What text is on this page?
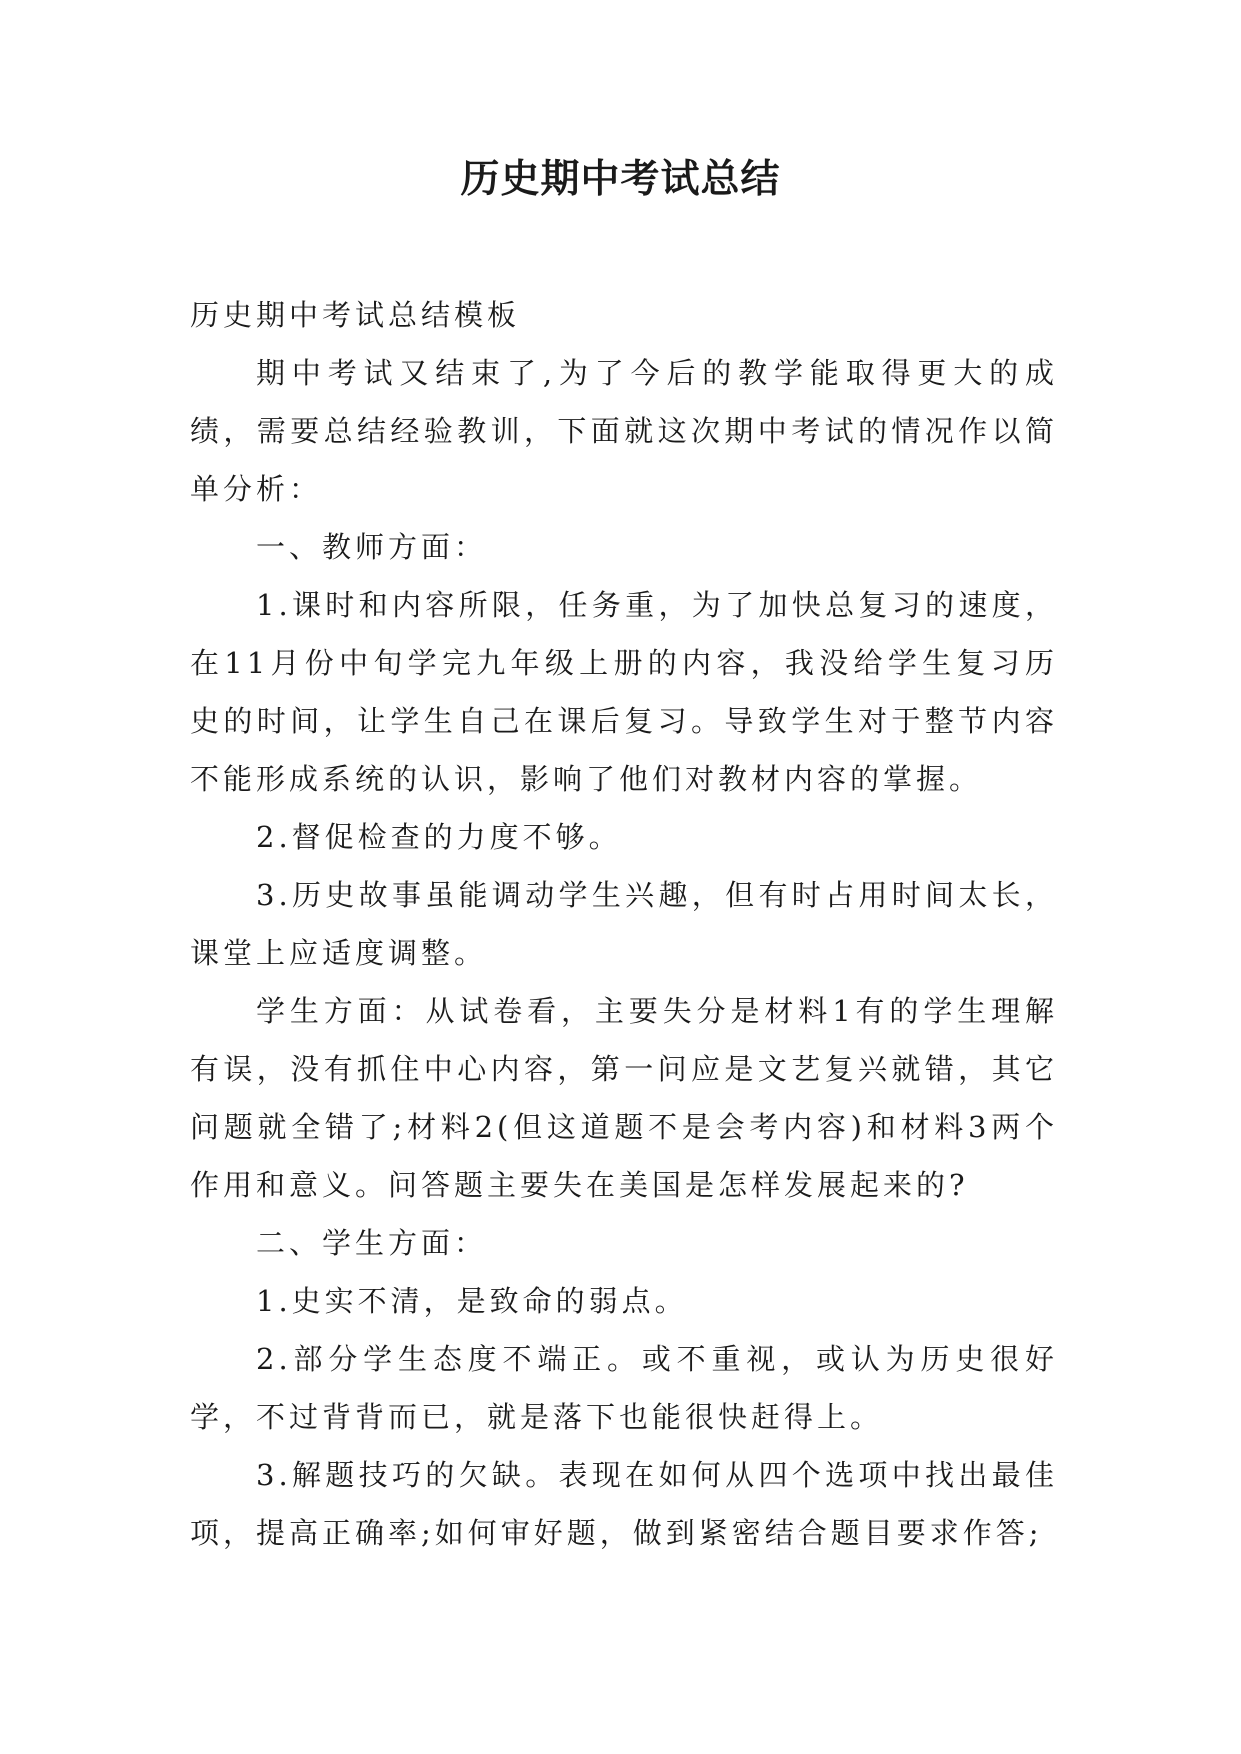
历史期中考试总结

历史期中考试总结模板

期中考试又结束了,为了今后的教学能取得更大的成绩，需要总结经验教训，下面就这次期中考试的情况作以简单分析：

一、教师方面：

1.课时和内容所限，任务重，为了加快总复习的速度，在11月份中旬学完九年级上册的内容，我没给学生复习历史的时间，让学生自己在课后复习。导致学生对于整节内容不能形成系统的认识，影响了他们对教材内容的掌握。

2.督促检查的力度不够。

3.历史故事虽能调动学生兴趣，但有时占用时间太长，课堂上应适度调整。

学生方面：从试卷看，主要失分是材料1有的学生理解有误，没有抓住中心内容，第一问应是文艺复兴就错，其它问题就全错了;材料2(但这道题不是会考内容)和材料3两个作用和意义。问答题主要失在美国是怎样发展起来的?

二、学生方面：

1.史实不清，是致命的弱点。

2.部分学生态度不端正。或不重视，或认为历史很好学，不过背背而已，就是落下也能很快赶得上。

3.解题技巧的欠缺。表现在如何从四个选项中找出最佳项，提高正确率;如何审好题，做到紧密结合题目要求作答;
